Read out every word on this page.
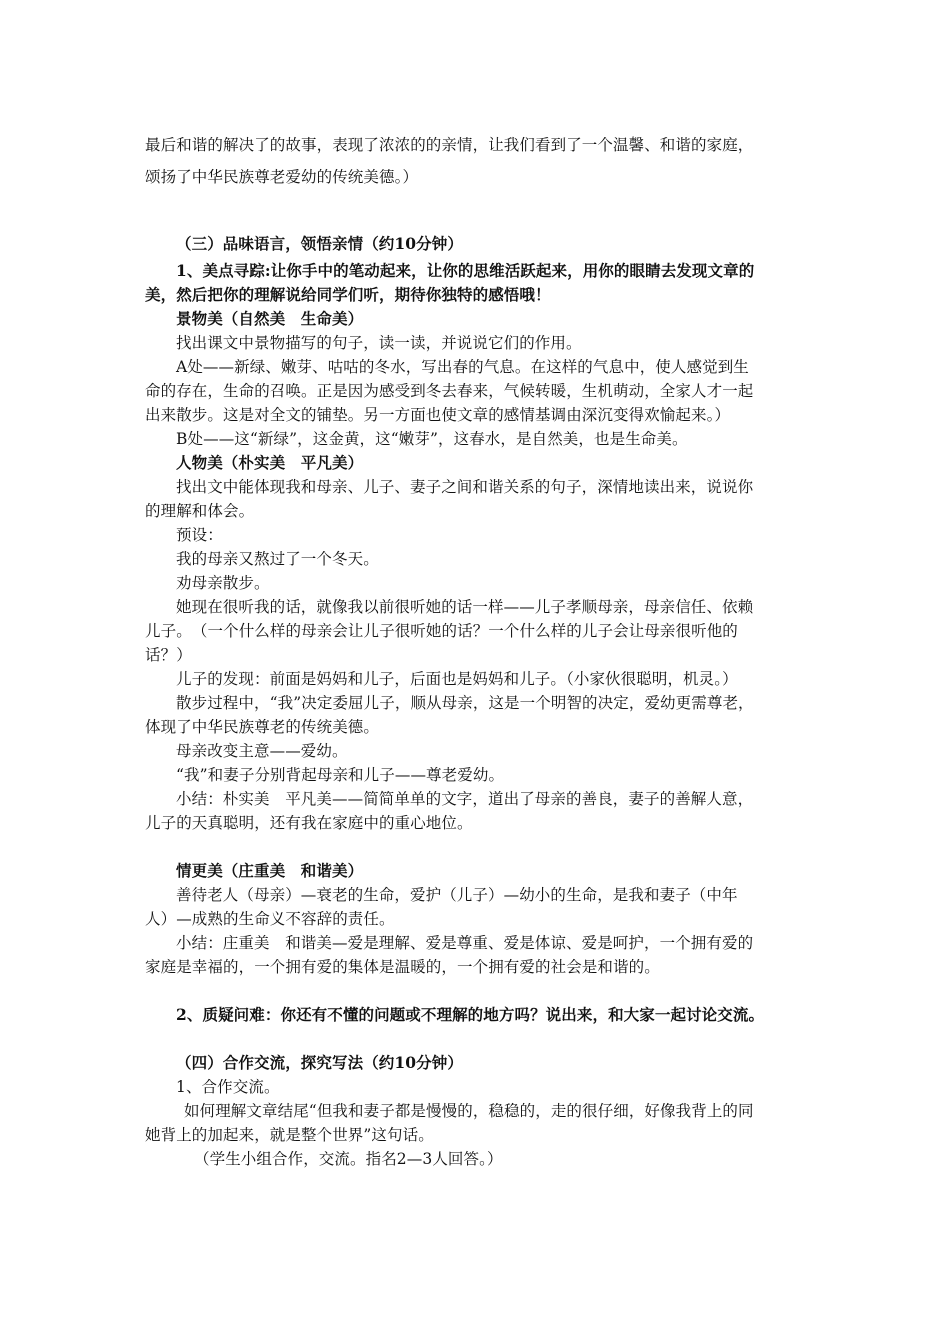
最后和谐的解决了的故事，表现了浓浓的的亲情，让我们看到了一个温馨、和谐的家庭，
颂扬了中华民族尊老爱幼的传统美德。）
（三）品味语言，领悟亲情（约10分钟）
1、美点寻踪:让你手中的笔动起来，让你的思维活跃起来，用你的眼睛去发现文章的
美，然后把你的理解说给同学们听，期待你独特的感悟哦！
景物美（自然美　生命美）
找出课文中景物描写的句子，读一读，并说说它们的作用。
A处——新绿、嫩芽、咕咕的冬水，写出春的气息。在这样的气息中，使人感觉到生
命的存在，生命的召唤。正是因为感受到冬去春来，气候转暖，生机萌动，全家人才一起
出来散步。这是对全文的铺垫。另一方面也使文章的感情基调由深沉变得欢愉起来。）
B处——这“新绿”，这金黄，这“嫩芽”，这春水，是自然美，也是生命美。
人物美（朴实美　平凡美）
找出文中能体现我和母亲、儿子、妻子之间和谐关系的句子，深情地读出来，说说你
的理解和体会。
预设：
我的母亲又熬过了一个冬天。
劝母亲散步。
她现在很听我的话，就像我以前很听她的话一样——儿子孝顺母亲，母亲信任、依赖
儿子。　（一个什么样的母亲会让儿子很听她的话？一个什么样的儿子会让母亲很听他的
话？）
儿子的发现：前面是妈妈和儿子，后面也是妈妈和儿子。（小家伙很聪明，机灵。）
散步过程中，“我”决定委屈儿子，顺从母亲，这是一个明智的决定，爱幼更需尊老，
体现了中华民族尊老的传统美德。
母亲改变主意——爱幼。
“我”和妻子分别背起母亲和儿子——尊老爱幼。
小结：朴实美　平凡美——简简单单的文字，道出了母亲的善良，妻子的善解人意，
儿子的天真聪明，还有我在家庭中的重心地位。
情更美（庄重美　和谐美）
善待老人（母亲）—衰老的生命，爱护（儿子）—幼小的生命，是我和妻子（中年
人）—成熟的生命义不容辞的责任。
小结：庄重美　和谐美—爱是理解、爱是尊重、爱是体谅、爱是呵护，一个拥有爱的
家庭是幸福的，一个拥有爱的集体是温暖的，一个拥有爱的社会是和谐的。
2、质疑问难：你还有不懂的问题或不理解的地方吗？说出来，和大家一起讨论交流。
（四）合作交流，探究写法（约10分钟）
1、合作交流。
如何理解文章结尾“但我和妻子都是慢慢的，稳稳的，走的很仔细，好像我背上的同
她背上的加起来，就是整个世界”这句话。
（学生小组合作，交流。指名2—3人回答。）
